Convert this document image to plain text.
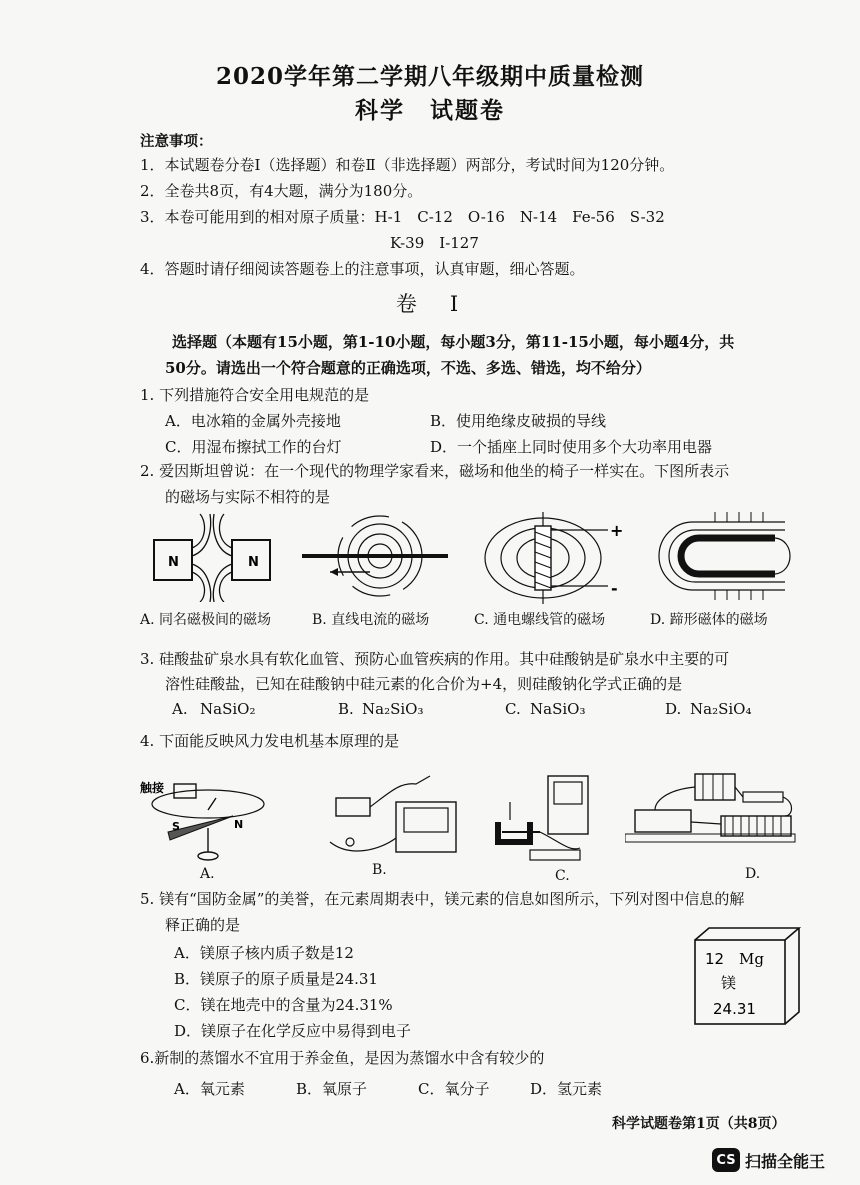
2020学年第二学期八年级期中质量检测
科学　试题卷
注意事项：
1．本试题卷分卷Ⅰ（选择题）和卷Ⅱ（非选择题）两部分，考试时间为120分钟。
2．全卷共8页，有4大题，满分为180分。
3．本卷可能用到的相对原子质量：H-1　C-12　O-16　N-14　Fe-56　S-32
K-39　I-127
4．答题时请仔细阅读答题卷上的注意事项，认真审题，细心答题。
卷　Ⅰ
选择题（本题有15小题，第1-10小题，每小题3分，第11-15小题，每小题4分，共
50分。请选出一个符合题意的正确选项，不选、多选、错选，均不给分）
1. 下列措施符合安全用电规范的是
A．电冰箱的金属外壳接地	B．使用绝缘皮破损的导线
C．用湿布擦拭工作的台灯	D．一个插座上同时使用多个大功率用电器
2. 爱因斯坦曾说：在一个现代的物理学家看来，磁场和他坐的椅子一样实在。下图所表示
的磁场与实际不相符的是
N	N
+
-
A. 同名磁极间的磁场	B. 直线电流的磁场	C. 通电螺线管的磁场	D. 蹄形磁体的磁场
3. 硅酸盐矿泉水具有软化血管、预防心血管疾病的作用。其中硅酸钠是矿泉水中主要的可
溶性硅酸盐，已知在硅酸钠中硅元素的化合价为+4，则硅酸钠化学式正确的是
A. NaSiO₂	B. Na₂SiO₃	C. NaSiO₃	D. Na₂SiO₄
4. 下面能反映风力发电机基本原理的是
触接
S	N
A.	B.	C.	D.
5. 镁有“国防金属”的美誉，在元素周期表中，镁元素的信息如图所示，下列对图中信息的解
释正确的是
A．镁原子核内质子数是12
B．镁原子的原子质量是24.31
C．镁在地壳中的含量为24.31%
D．镁原子在化学反应中易得到电子
12 Mg
镁
24.31
6.新制的蒸馏水不宜用于养金鱼，是因为蒸馏水中含有较少的
A．氧元素	B．氧原子	C．氧分子	D．氢元素
科学试题卷第1页（共8页）
CS 扫描全能王
